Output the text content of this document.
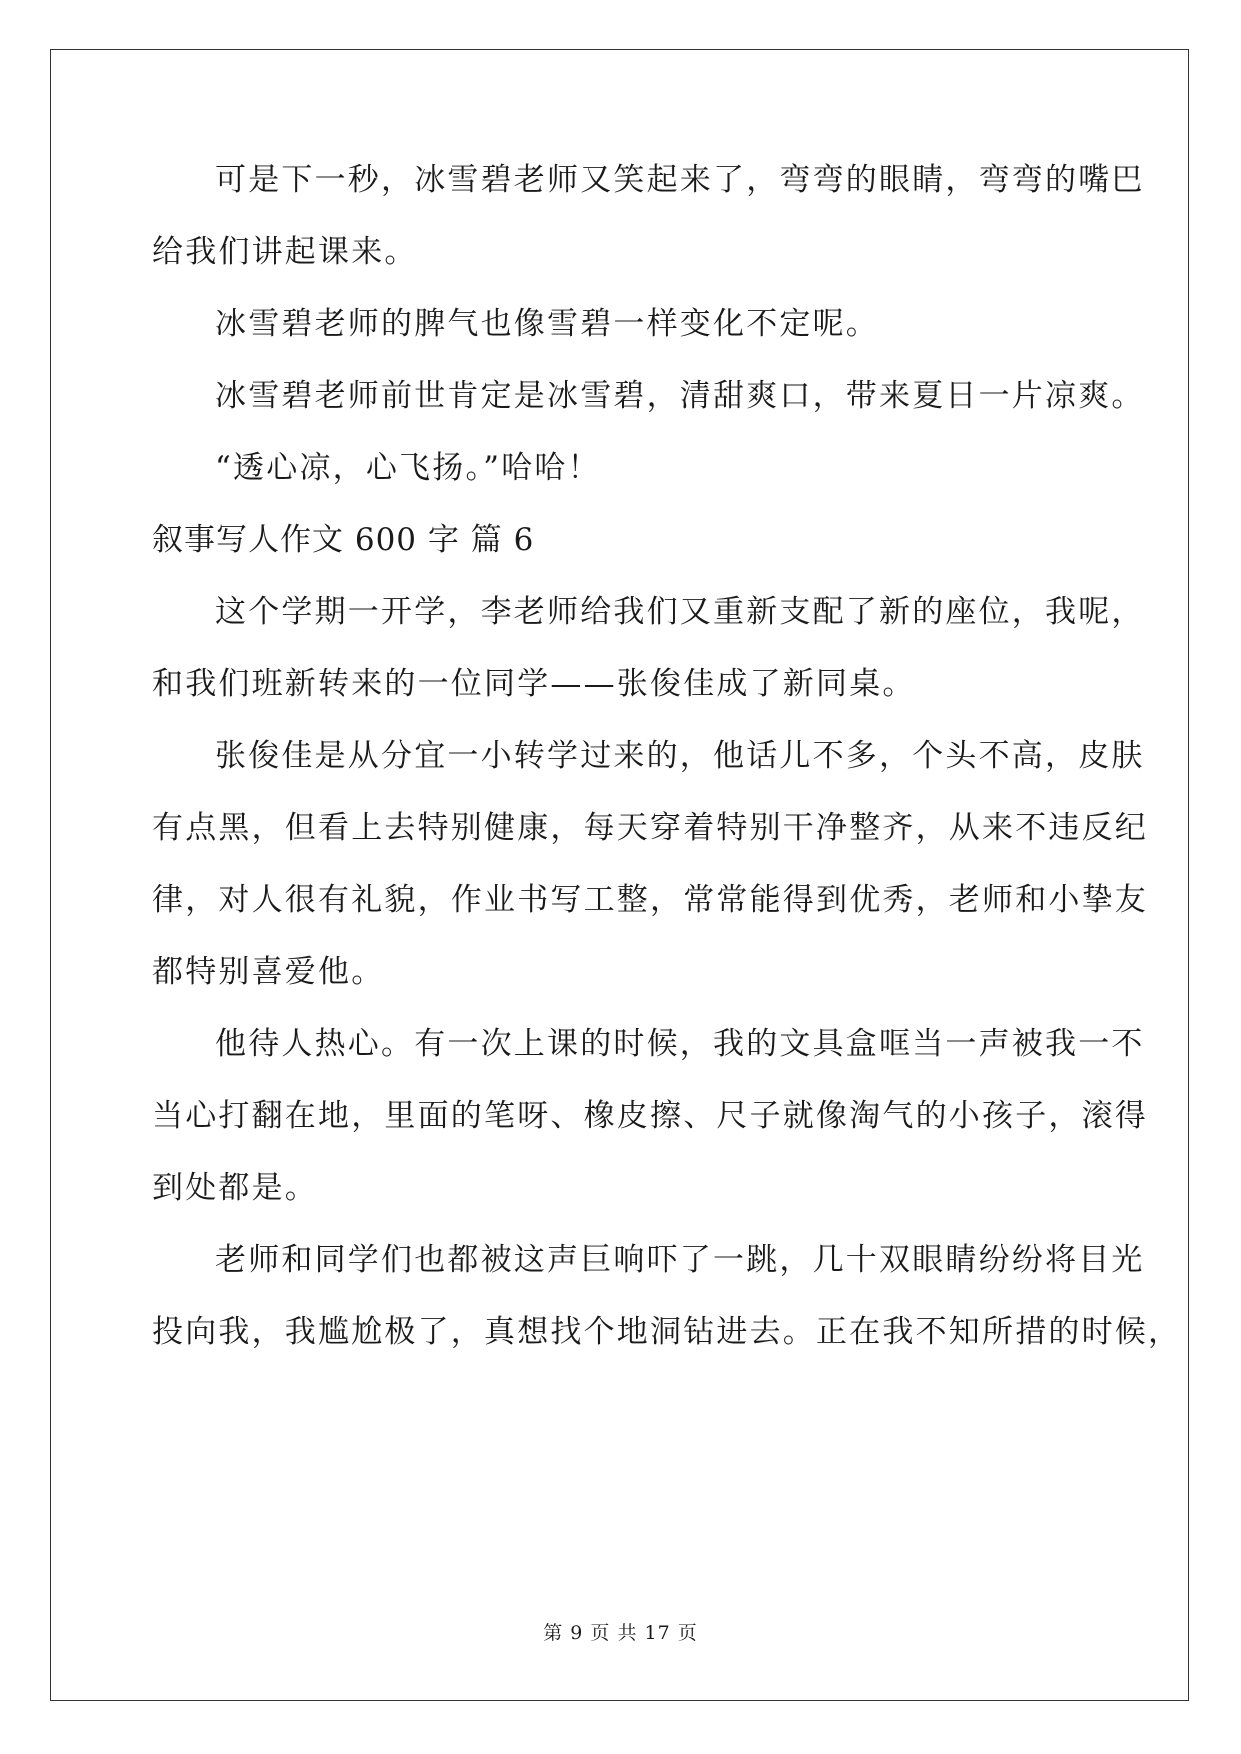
可是下一秒，冰雪碧老师又笑起来了，弯弯的眼睛，弯弯的嘴巴
给我们讲起课来。
冰雪碧老师的脾气也像雪碧一样变化不定呢。
冰雪碧老师前世肯定是冰雪碧，清甜爽口，带来夏日一片凉爽。
“透心凉，心飞扬。”哈哈！
叙事写人作文 600 字 篇 6
这个学期一开学，李老师给我们又重新支配了新的座位，我呢，
和我们班新转来的一位同学——张俊佳成了新同桌。
张俊佳是从分宜一小转学过来的，他话儿不多，个头不高，皮肤
有点黑，但看上去特别健康，每天穿着特别干净整齐，从来不违反纪
律，对人很有礼貌，作业书写工整，常常能得到优秀，老师和小挚友
都特别喜爱他。
他待人热心。有一次上课的时候，我的文具盒哐当一声被我一不
当心打翻在地，里面的笔呀、橡皮擦、尺子就像淘气的小孩子，滚得
到处都是。
老师和同学们也都被这声巨响吓了一跳，几十双眼睛纷纷将目光
投向我，我尴尬极了，真想找个地洞钻进去。正在我不知所措的时候，
第 9 页 共 17 页
